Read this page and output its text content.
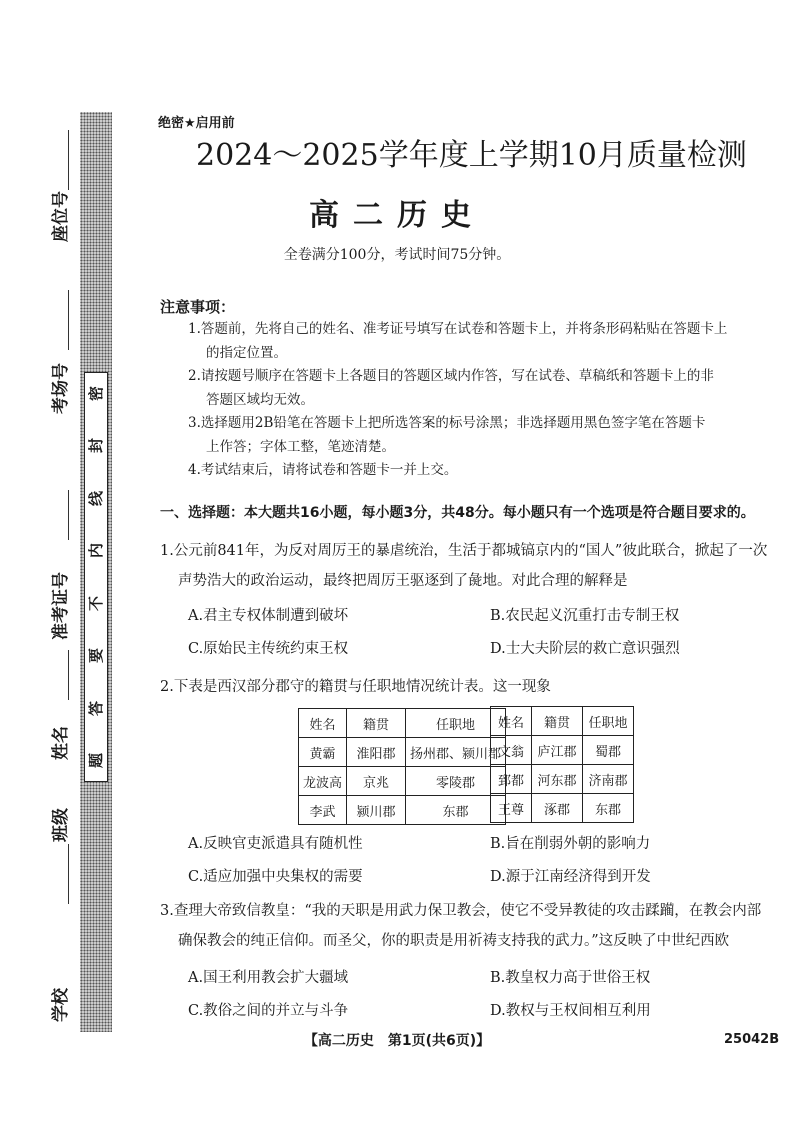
密
封
线
内
不
要
答
题
座位号
考场号
准考证号
姓名
班级
学校
绝密★启用前
2024～2025学年度上学期10月质量检测
高二历史
全卷满分100分，考试时间75分钟。
注意事项：

1.答题前，先将自己的姓名、准考证号填写在试卷和答题卡上，并将条形码粘贴在答题卡上

的指定位置。

2.请按题号顺序在答题卡上各题目的答题区域内作答，写在试卷、草稿纸和答题卡上的非

答题区域均无效。

3.选择题用2B铅笔在答题卡上把所选答案的标号涂黑；非选择题用黑色签字笔在答题卡

上作答；字体工整，笔迹清楚。

4.考试结束后，请将试卷和答题卡一并上交。

一、选择题：本大题共16小题，每小题3分，共48分。每小题只有一个选项是符合题目要求的。

1.公元前841年，为反对周厉王的暴虐统治，生活于都城镐京内的“国人”彼此联合，掀起了一次

声势浩大的政治运动，最终把周厉王驱逐到了彘地。对此合理的解释是

A.君主专权体制遭到破坏	B.农民起义沉重打击专制王权
C.原始民主传统约束王权	D.士大夫阶层的救亡意识强烈

2.下表是西汉部分郡守的籍贯与任职地情况统计表。这一现象

姓名	籍贯	任职地
黄霸	淮阳郡	扬州郡、颍川郡
龙波高	京兆	零陵郡
李武	颍川郡	东郡
姓名	籍贯	任职地
文翁	庐江郡	蜀郡
郅都	河东郡	济南郡
王尊	涿郡	东郡
A.反映官吏派遣具有随机性	B.旨在削弱外朝的影响力
C.适应加强中央集权的需要	D.源于江南经济得到开发

3.查理大帝致信教皇：“我的天职是用武力保卫教会，使它不受异教徒的攻击蹂躏，在教会内部

确保教会的纯正信仰。而圣父，你的职责是用祈祷支持我的武力。”这反映了中世纪西欧

A.国王利用教会扩大疆域	B.教皇权力高于世俗王权
C.教俗之间的并立与斗争	D.教权与王权间相互利用
【高二历史　第1页(共6页)】	25042B
